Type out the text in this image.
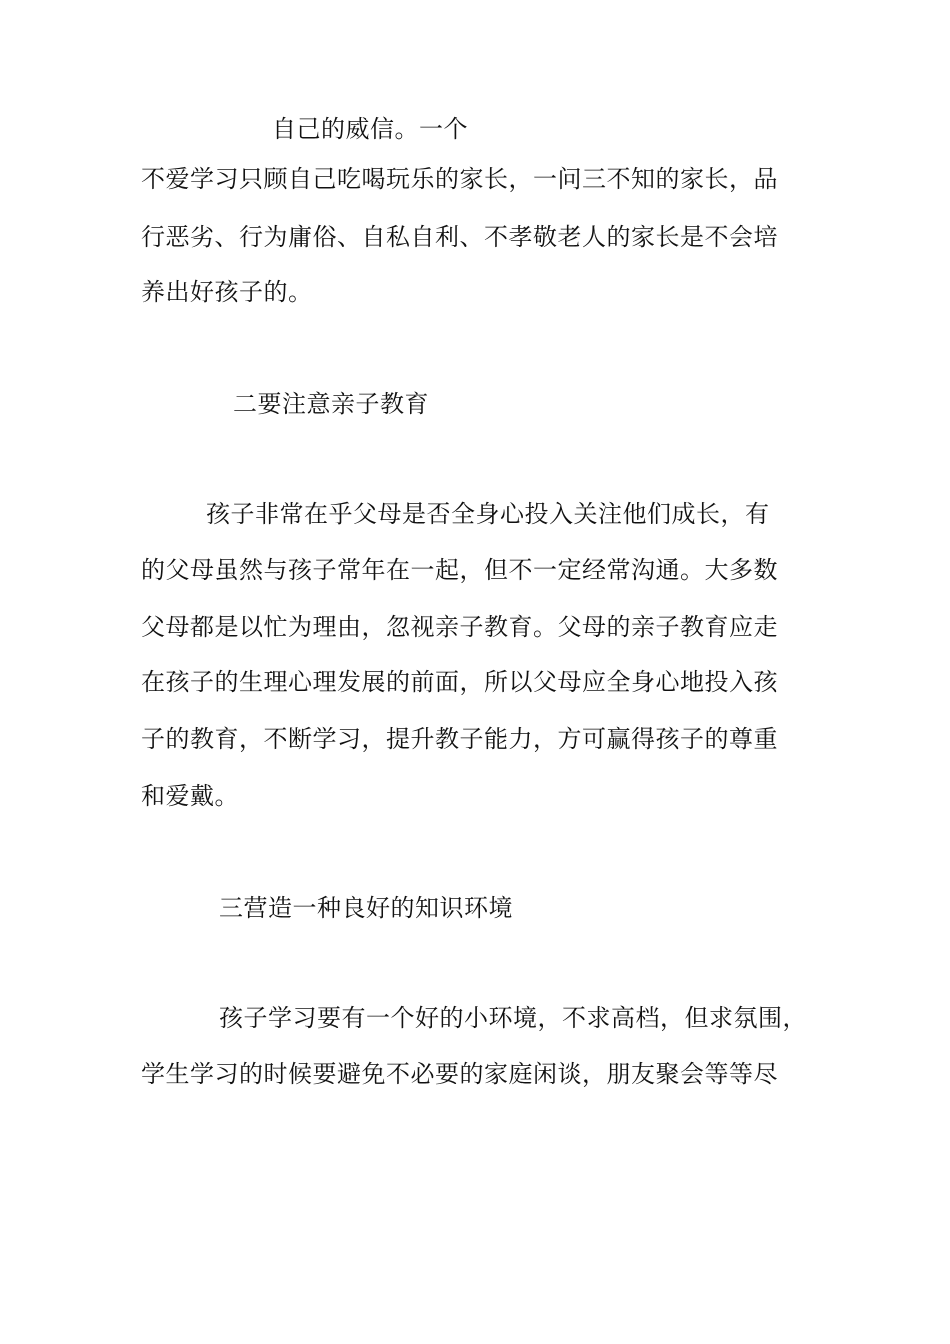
自己的威信。一个
不爱学习只顾自己吃喝玩乐的家长，一问三不知的家长，品
行恶劣、行为庸俗、自私自利、不孝敬老人的家长是不会培
养出好孩子的。
二要注意亲子教育
孩子非常在乎父母是否全身心投入关注他们成长，有
的父母虽然与孩子常年在一起，但不一定经常沟通。大多数
父母都是以忙为理由，忽视亲子教育。父母的亲子教育应走
在孩子的生理心理发展的前面，所以父母应全身心地投入孩
子的教育，不断学习，提升教子能力，方可赢得孩子的尊重
和爱戴。
三营造一种良好的知识环境
孩子学习要有一个好的小环境，不求高档，但求氛围，
学生学习的时候要避免不必要的家庭闲谈，朋友聚会等等尽
